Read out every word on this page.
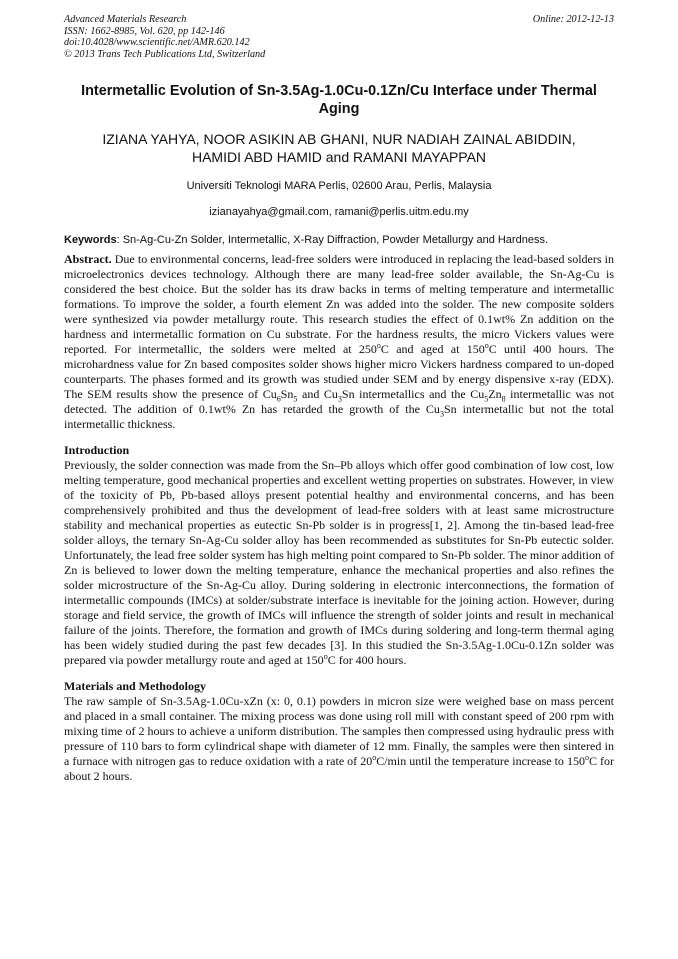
Advanced Materials Research
ISSN: 1662-8985, Vol. 620, pp 142-146
doi:10.4028/www.scientific.net/AMR.620.142
© 2013 Trans Tech Publications Ltd, Switzerland
Online: 2012-12-13
Intermetallic Evolution of Sn-3.5Ag-1.0Cu-0.1Zn/Cu Interface under Thermal Aging
IZIANA YAHYA, NOOR ASIKIN AB GHANI, NUR NADIAH ZAINAL ABIDDIN,
HAMIDI ABD HAMID and RAMANI MAYAPPAN
Universiti Teknologi MARA Perlis, 02600 Arau, Perlis, Malaysia
izianayahya@gmail.com, ramani@perlis.uitm.edu.my
Keywords: Sn-Ag-Cu-Zn Solder, Intermetallic, X-Ray Diffraction, Powder Metallurgy and Hardness.

Abstract. Due to environmental concerns, lead-free solders were introduced in replacing the lead-based solders in microelectronics devices technology. Although there are many lead-free solder available, the Sn-Ag-Cu is considered the best choice. But the solder has its draw backs in terms of melting temperature and intermetallic formations. To improve the solder, a fourth element Zn was added into the solder. The new composite solders were synthesized via powder metallurgy route. This research studies the effect of 0.1wt% Zn addition on the hardness and intermetallic formation on Cu substrate. For the hardness results, the micro Vickers values were reported. For intermetallic, the solders were melted at 250$^o$C and aged at 150$^o$C until 400 hours. The microhardness value for Zn based composites solder shows higher micro Vickers hardness compared to un-doped counterparts. The phases formed and its growth was studied under SEM and by energy dispensive x-ray (EDX). The SEM results show the presence of $Cu_6Sn_5$ and $Cu_3Sn$ intermetallics and the $Cu_5Zn_8$ intermetallic was not detected. The addition of 0.1wt% Zn has retarded the growth of the $Cu_3Sn$ intermetallic but not the total intermetallic thickness.

Introduction

Previously, the solder connection was made from the Sn–Pb alloys which offer good combination of low cost, low melting temperature, good mechanical properties and excellent wetting properties on substrates. However, in view of the toxicity of Pb, Pb-based alloys present potential healthy and environmental concerns, and has been comprehensively prohibited and thus the development of lead-free solders with at least same microstructure stability and mechanical properties as eutectic Sn-Pb solder is in progress[1, 2]. Among the tin-based lead-free solder alloys, the ternary Sn-Ag-Cu solder alloy has been recommended as substitutes for Sn-Pb eutectic solder. Unfortunately, the lead free solder system has high melting point compared to Sn-Pb solder. The minor addition of Zn is believed to lower down the melting temperature, enhance the mechanical properties and also refines the solder microstructure of the Sn-Ag-Cu alloy. During soldering in electronic interconnections, the formation of intermetallic compounds (IMCs) at solder/substrate interface is inevitable for the joining action. However, during storage and field service, the growth of IMCs will influence the strength of solder joints and result in mechanical failure of the joints. Therefore, the formation and growth of IMCs during soldering and long-term thermal aging has been widely studied during the past few decades [3]. In this studied the Sn-3.5Ag-1.0Cu-0.1Zn solder was prepared via powder metallurgy route and aged at 150$^o$C for 400 hours.

Materials and Methodology

The raw sample of Sn-3.5Ag-1.0Cu-xZn (x: 0, 0.1) powders in micron size were weighed base on mass percent and placed in a small container. The mixing process was done using roll mill with constant speed of 200 rpm with mixing time of 2 hours to achieve a uniform distribution. The samples then compressed using hydraulic press with pressure of 110 bars to form cylindrical shape with diameter of 12 mm. Finally, the samples were then sintered in a furnace with nitrogen gas to reduce oxidation with a rate of 20$^o$C/min until the temperature increase to 150$^o$C for about 2 hours.
